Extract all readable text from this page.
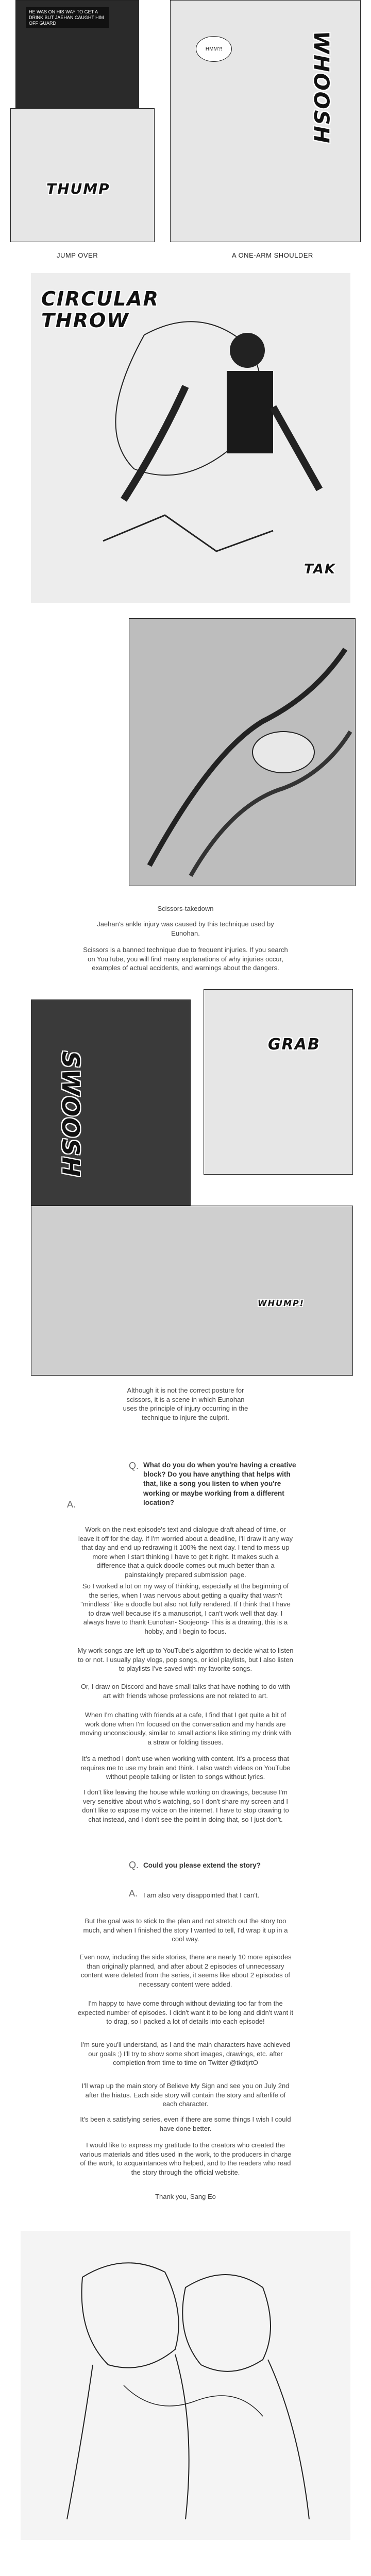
HE WAS ON HIS WAY TO GET A DRINK BUT JAEHAN CAUGHT HIM OFF GUARD
THUMP
HMM?!	WHOOSH
JUMP OVER	A ONE-ARM SHOULDER
CIRCULAR THROW
TAK
Scissors-takedown
Jaehan's ankle injury was caused by this technique used by Eunohan.
Scissors is a banned technique due to frequent injuries. If you search on YouTube, you will find many explanations of why injuries occur, examples of actual accidents, and warnings about the dangers.
SWOOSH
GRAB
WHUMP!
Although it is not the correct posture for scissors, it is a scene in which Eunohan uses the principle of injury occurring in the technique to injure the culprit.
Q. What do you do when you're having a creative block? Do you have anything that helps with that, like a song you listen to when you're working or maybe working from a different location?
A.

Work on the next episode's text and dialogue draft ahead of time, or leave it off for the day. If I'm worried about a deadline, I'll draw it any way that day and end up redrawing it 100% the next day. I tend to mess up more when I start thinking I have to get it right. It makes such a difference that a quick doodle comes out much better than a painstakingly prepared submission page.

So I worked a lot on my way of thinking, especially at the beginning of the series, when I was nervous about getting a quality that wasn't "mindless" like a doodle but also not fully rendered. If I think that I have to draw well because it's a manuscript, I can't work well that day. I always have to thank Eunohan- Soojeong- This is a drawing, this is a hobby, and I begin to focus.

My work songs are left up to YouTube's algorithm to decide what to listen to or not. I usually play vlogs, pop songs, or idol playlists, but I also listen to playlists I've saved with my favorite songs.

Or, I draw on Discord and have small talks that have nothing to do with art with friends whose professions are not related to art.

When I'm chatting with friends at a cafe, I find that I get quite a bit of work done when I'm focused on the conversation and my hands are moving unconsciously, similar to small actions like stirring my drink with a straw or folding tissues.

It's a method I don't use when working with content. It's a process that requires me to use my brain and think. I also watch videos on YouTube without people talking or listen to songs without lyrics.

I don't like leaving the house while working on drawings, because I'm very sensitive about who's watching, so I don't share my screen and I don't like to expose my voice on the internet. I have to stop drawing to chat instead, and I don't see the point in doing that, so I just don't.

Q. Could you please extend the story?
A. I am also very disappointed that I can't.

But the goal was to stick to the plan and not stretch out the story too much, and when I finished the story I wanted to tell, I'd wrap it up in a cool way.

Even now, including the side stories, there are nearly 10 more episodes than originally planned, and after about 2 episodes of unnecessary content were deleted from the series, it seems like about 2 episodes of necessary content were added.

I'm happy to have come through without deviating too far from the expected number of episodes. I didn't want it to be long and didn't want it to drag, so I packed a lot of details into each episode!

I'm sure you'll understand, as I and the main characters have achieved our goals ;) I'll try to show some short images, drawings, etc. after completion from time to time on Twitter @tkdtjrtO

I'll wrap up the main story of Believe My Sign and see you on July 2nd after the hiatus. Each side story will contain the story and afterlife of each character.

It's been a satisfying series, even if there are some things I wish I could have done better.

I would like to express my gratitude to the creators who created the various materials and titles used in the work, to the producers in charge of the work, to acquaintances who helped, and to the readers who read the story through the official website.

Thank you, Sang Eo
